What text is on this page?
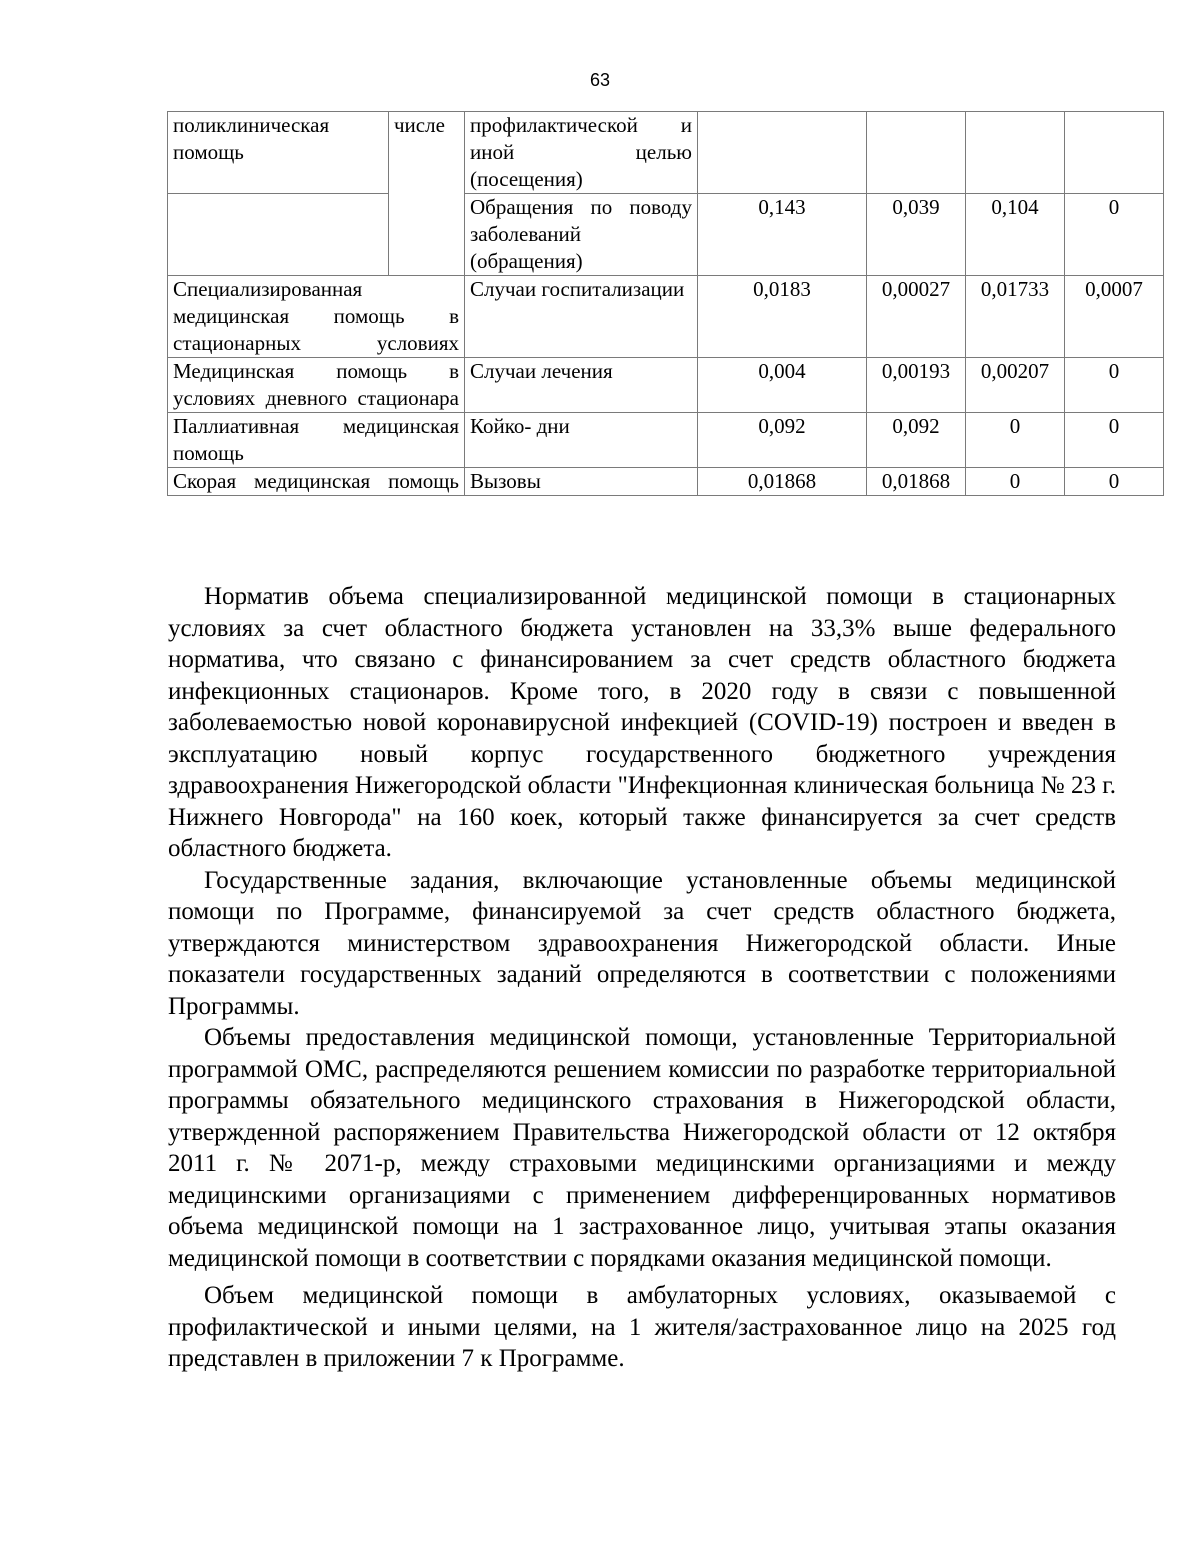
63
поликлиническая помощь	числе	профилактической и иной целью (посещения)				

		Обращения по поводу заболеваний (обращения)	0,143	0,039	0,104	0

Специализированная медицинская помощь в стационарных условиях		Случаи госпитализации	0,0183	0,00027	0,01733	0,0007

Медицинская помощь в условиях дневного стационара		Случаи лечения	0,004	0,00193	0,00207	0

Паллиативная медицинская помощь		Койко- дни	0,092	0,092	0	0

Скорая медицинская помощь		Вызовы	0,01868	0,01868	0	0

Норматив объема специализированной медицинской помощи в стационарных условиях за счет областного бюджета установлен на 33,3% выше федерального норматива, что связано с финансированием за счет средств областного бюджета инфекционных стационаров. Кроме того, в 2020 году в связи с повышенной заболеваемостью новой коронавирусной инфекцией (COVID-19) построен и введен в эксплуатацию новый корпус государственного бюджетного учреждения здравоохранения Нижегородской области "Инфекционная клиническая больница № 23 г. Нижнего Новгорода" на 160 коек, который также финансируется за счет средств областного бюджета.

Государственные задания, включающие установленные объемы медицинской помощи по Программе, финансируемой за счет средств областного бюджета, утверждаются министерством здравоохранения Нижегородской области. Иные показатели государственных заданий определяются в соответствии с положениями Программы.

Объемы предоставления медицинской помощи, установленные Территориальной программой ОМС, распределяются решением комиссии по разработке территориальной программы обязательного медицинского страхования в Нижегородской области, утвержденной распоряжением Правительства Нижегородской области от 12 октября 2011 г. № 2071-р, между страховыми медицинскими организациями и между медицинскими организациями с применением дифференцированных нормативов объема медицинской помощи на 1 застрахованное лицо, учитывая этапы оказания медицинской помощи в соответствии с порядками оказания медицинской помощи.

Объем медицинской помощи в амбулаторных условиях, оказываемой с профилактической и иными целями, на 1 жителя/застрахованное лицо на 2025 год представлен в приложении 7 к Программе.
